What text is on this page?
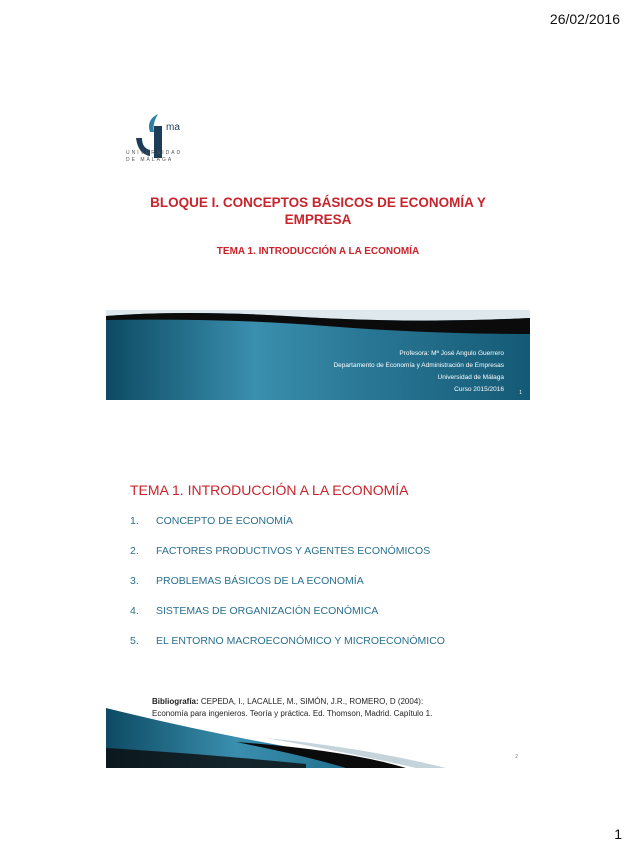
26/02/2016
ma
UNIVERSIDAD
DE MÁLAGA
BLOQUE I. CONCEPTOS BÁSICOS DE ECONOMÍA Y
EMPRESA
TEMA 1. INTRODUCCIÓN A LA ECONOMÍA
Profesora: Mª José Angulo Guerrero
Departamento de Economía y Administración de Empresas
Universidad de Málaga
Curso 2015/2016	1
TEMA 1. INTRODUCCIÓN A LA ECONOMÍA
1.	CONCEPTO DE ECONOMÍA
2.	FACTORES PRODUCTIVOS Y AGENTES ECONÓMICOS
3.	PROBLEMAS BÁSICOS DE LA ECONOMÍA
4.	SISTEMAS DE ORGANIZACIÓN ECONÓMICA
5.	EL ENTORNO MACROECONÓMICO Y MICROECONÓMICO
Bibliografía: CEPEDA, I., LACALLE, M., SIMÓN, J.R., ROMERO, D (2004):
Economía para ingenieros. Teoría y práctica. Ed. Thomson, Madrid. Capítulo 1.
2
1
